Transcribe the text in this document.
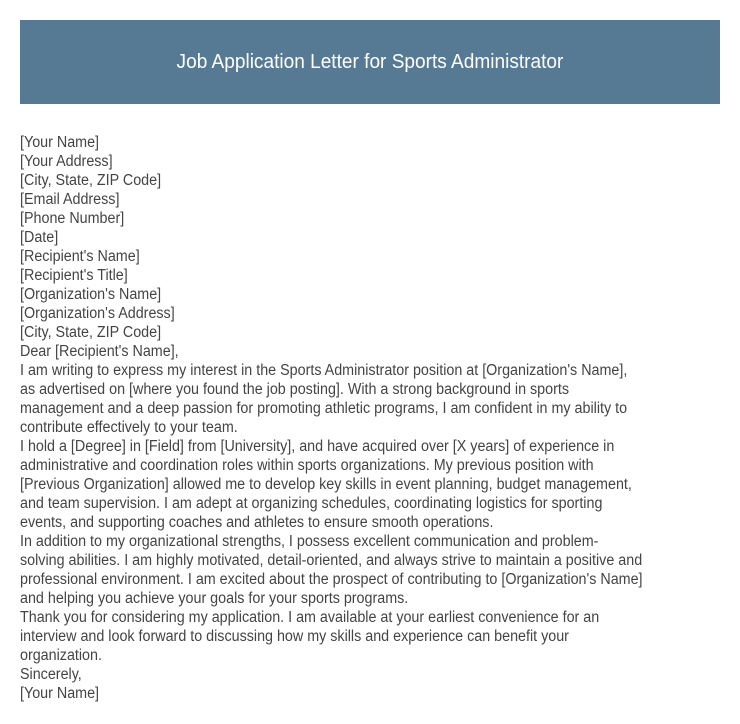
Job Application Letter for Sports Administrator
[Your Name]
[Your Address]
[City, State, ZIP Code]
[Email Address]
[Phone Number]
[Date]
[Recipient's Name]
[Recipient's Title]
[Organization's Name]
[Organization's Address]
[City, State, ZIP Code]
Dear [Recipient's Name],

I am writing to express my interest in the Sports Administrator position at [Organization's Name],
as advertised on [where you found the job posting]. With a strong background in sports
management and a deep passion for promoting athletic programs, I am confident in my ability to
contribute effectively to your team.

I hold a [Degree] in [Field] from [University], and have acquired over [X years] of experience in
administrative and coordination roles within sports organizations. My previous position with
[Previous Organization] allowed me to develop key skills in event planning, budget management,
and team supervision. I am adept at organizing schedules, coordinating logistics for sporting
events, and supporting coaches and athletes to ensure smooth operations.

In addition to my organizational strengths, I possess excellent communication and problem-
solving abilities. I am highly motivated, detail-oriented, and always strive to maintain a positive and
professional environment. I am excited about the prospect of contributing to [Organization's Name]
and helping you achieve your goals for your sports programs.

Thank you for considering my application. I am available at your earliest convenience for an
interview and look forward to discussing how my skills and experience can benefit your
organization.

Sincerely,
[Your Name]
